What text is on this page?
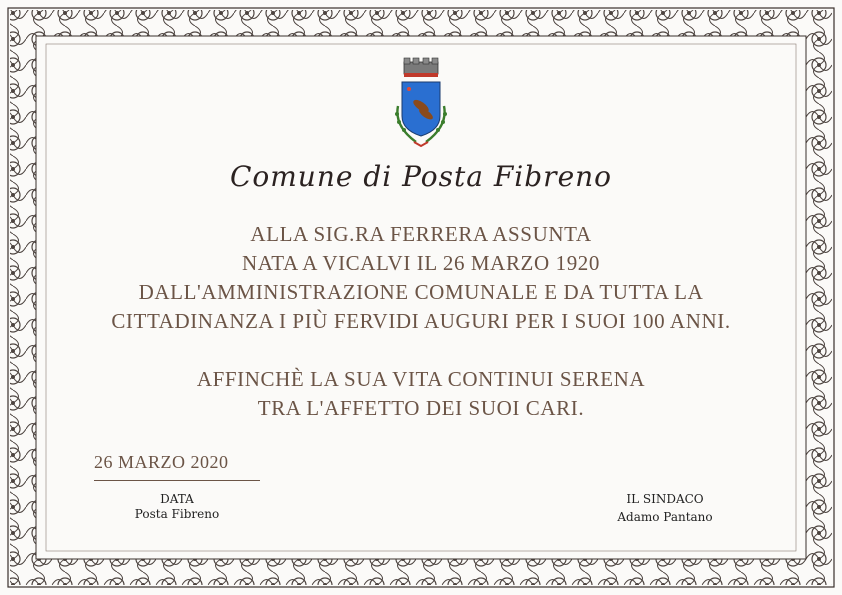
Comune di Posta Fibreno
ALLA SIG.RA FERRERA ASSUNTA
NATA A VICALVI IL 26 MARZO 1920
DALL'AMMINISTRAZIONE COMUNALE E DA TUTTA LA
CITTADINANZA I PIÙ FERVIDI AUGURI PER I SUOI 100 ANNI.
AFFINCHÈ LA SUA VITA CONTINUI SERENA
TRA L'AFFETTO DEI SUOI CARI.
26 MARZO 2020
DATA
Posta Fibreno
IL SINDACO
Adamo Pantano
